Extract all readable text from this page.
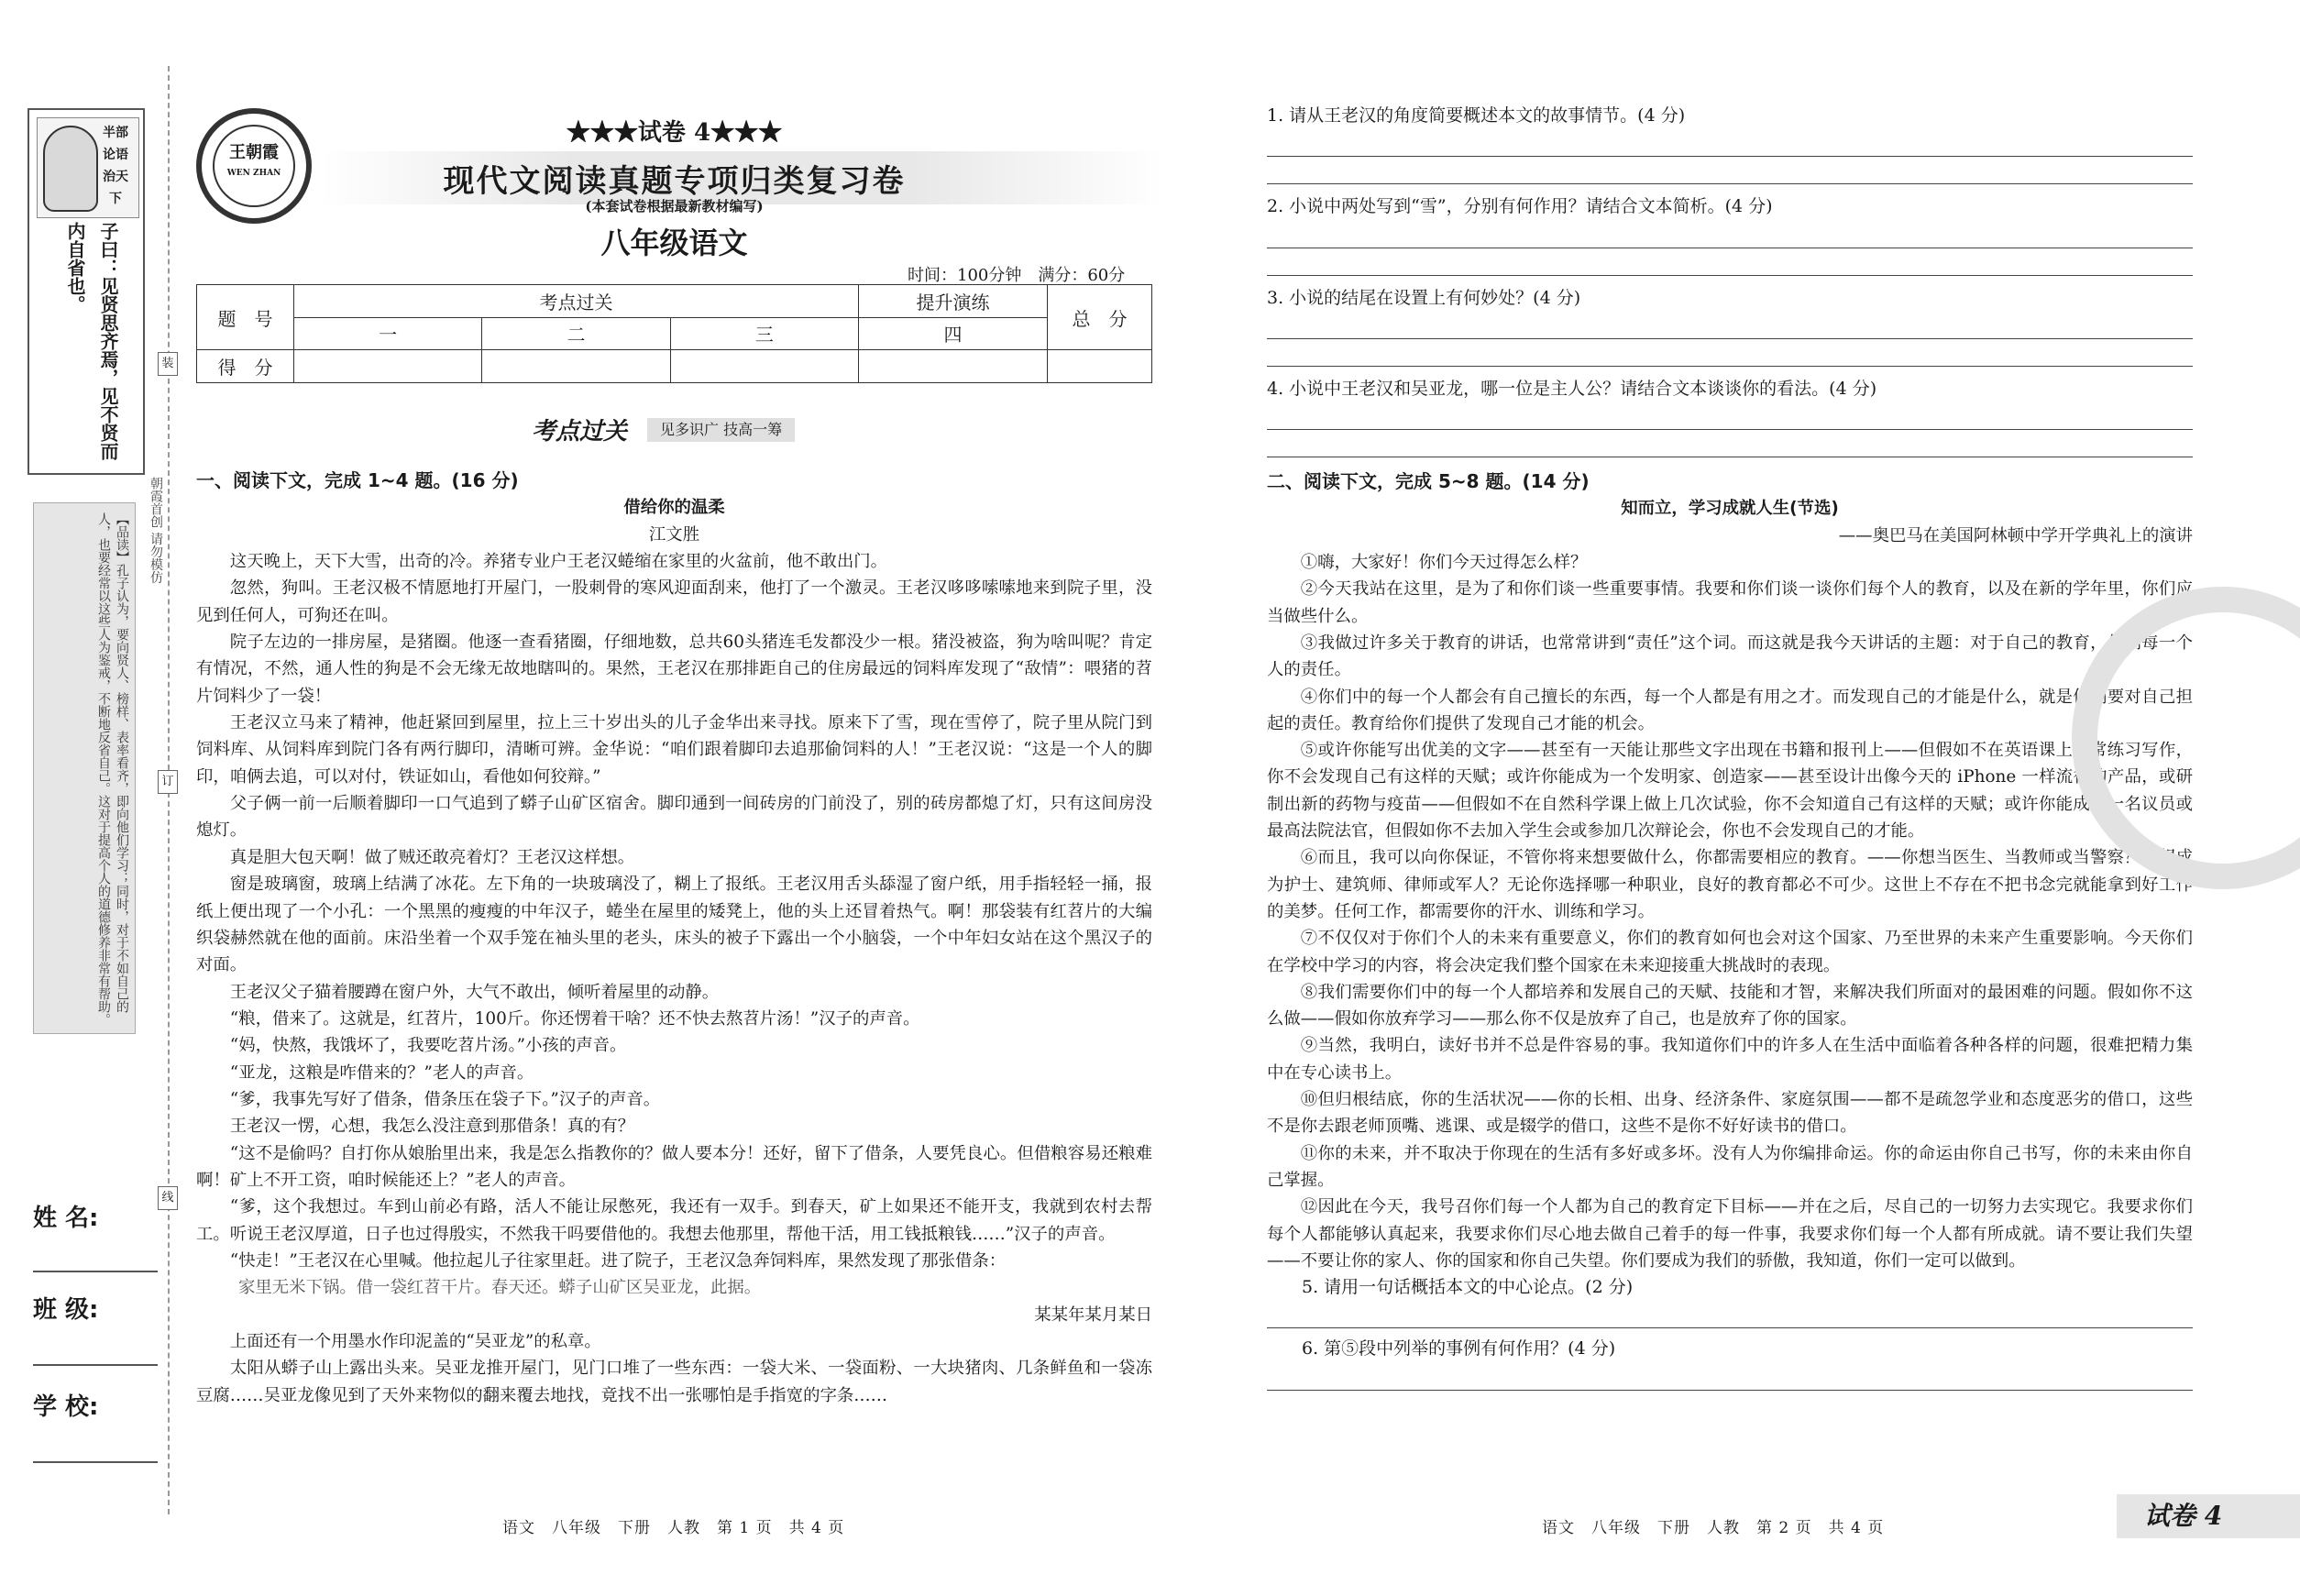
半部论语治天下
子曰：见贤思齐焉，见不贤而内自省也。
【品读】孔子认为，要向贤人、榜样、表率看齐，即向他们学习；同时，对于不如自己的人，也要经常以这些人为鉴戒，不断地反省自己。这对于提高个人的道德修养非常有帮助。
姓 名:
班 级:
学 校:
装
订
线
朝霞首创 请勿模仿
王朝霞
WEN ZHAN
★★★试卷 4★★★
现代文阅读真题专项归类复习卷
(本套试卷根据最新教材编写)
八年级语文
时间：100分钟　满分：60分
题　号	考点过关			提升演练	总　分
	一	二	三	四	
得　分					
考点过关	见多识广 技高一筹
一、阅读下文，完成 1~4 题。(16 分)
借给你的温柔
江文胜
这天晚上，天下大雪，出奇的冷。养猪专业户王老汉蜷缩在家里的火盆前，他不敢出门。
忽然，狗叫。王老汉极不情愿地打开屋门，一股刺骨的寒风迎面刮来，他打了一个激灵。王老汉哆哆嗦嗦地来到院子里，没见到任何人，可狗还在叫。
院子左边的一排房屋，是猪圈。他逐一查看猪圈，仔细地数，总共60头猪连毛发都没少一根。猪没被盗，狗为啥叫呢？肯定有情况，不然，通人性的狗是不会无缘无故地瞎叫的。果然，王老汉在那排距自己的住房最远的饲料库发现了“敌情”：喂猪的苕片饲料少了一袋！
王老汉立马来了精神，他赶紧回到屋里，拉上三十岁出头的儿子金华出来寻找。原来下了雪，现在雪停了，院子里从院门到饲料库、从饲料库到院门各有两行脚印，清晰可辨。金华说：“咱们跟着脚印去追那偷饲料的人！”王老汉说：“这是一个人的脚印，咱俩去追，可以对付，铁证如山，看他如何狡辩。”
父子俩一前一后顺着脚印一口气追到了蟒子山矿区宿舍。脚印通到一间砖房的门前没了，别的砖房都熄了灯，只有这间房没熄灯。
真是胆大包天啊！做了贼还敢亮着灯？王老汉这样想。
窗是玻璃窗，玻璃上结满了冰花。左下角的一块玻璃没了，糊上了报纸。王老汉用舌头舔湿了窗户纸，用手指轻轻一捅，报纸上便出现了一个小孔：一个黑黑的瘦瘦的中年汉子，蜷坐在屋里的矮凳上，他的头上还冒着热气。啊！那袋装有红苕片的大编织袋赫然就在他的面前。床沿坐着一个双手笼在袖头里的老头，床头的被子下露出一个小脑袋，一个中年妇女站在这个黑汉子的对面。
王老汉父子猫着腰蹲在窗户外，大气不敢出，倾听着屋里的动静。
“粮，借来了。这就是，红苕片，100斤。你还愣着干啥？还不快去熬苕片汤！”汉子的声音。
“妈，快熬，我饿坏了，我要吃苕片汤。”小孩的声音。
“亚龙，这粮是咋借来的？”老人的声音。
“爹，我事先写好了借条，借条压在袋子下。”汉子的声音。
王老汉一愣，心想，我怎么没注意到那借条！真的有？
“这不是偷吗？自打你从娘胎里出来，我是怎么指教你的？做人要本分！还好，留下了借条，人要凭良心。但借粮容易还粮难啊！矿上不开工资，咱时候能还上？”老人的声音。
“爹，这个我想过。车到山前必有路，活人不能让尿憋死，我还有一双手。到春天，矿上如果还不能开支，我就到农村去帮工。听说王老汉厚道，日子也过得殷实，不然我干吗要借他的。我想去他那里，帮他干活，用工钱抵粮钱……”汉子的声音。
“快走！”王老汉在心里喊。他拉起儿子往家里赶。进了院子，王老汉急奔饲料库，果然发现了那张借条：
家里无米下锅。借一袋红苕干片。春天还。蟒子山矿区吴亚龙，此据。
某某年某月某日
上面还有一个用墨水作印泥盖的“吴亚龙”的私章。
太阳从蟒子山上露出头来。吴亚龙推开屋门，见门口堆了一些东西：一袋大米、一袋面粉、一大块猪肉、几条鲜鱼和一袋冻豆腐……吴亚龙像见到了天外来物似的翻来覆去地找，竟找不出一张哪怕是手指宽的字条……
1. 请从王老汉的角度简要概述本文的故事情节。(4 分)
2. 小说中两处写到“雪”，分别有何作用？请结合文本简析。(4 分)
3. 小说的结尾在设置上有何妙处？(4 分)
4. 小说中王老汉和吴亚龙，哪一位是主人公？请结合文本谈谈你的看法。(4 分)
二、阅读下文，完成 5~8 题。(14 分)
知而立，学习成就人生(节选)
——奥巴马在美国阿林顿中学开学典礼上的演讲
①嗨，大家好！你们今天过得怎么样？
②今天我站在这里，是为了和你们谈一些重要事情。我要和你们谈一谈你们每个人的教育，以及在新的学年里，你们应当做些什么。
③我做过许多关于教育的讲话，也常常讲到“责任”这个词。而这就是我今天讲话的主题：对于自己的教育，你们每一个人的责任。
④你们中的每一个人都会有自己擅长的东西，每一个人都是有用之才。而发现自己的才能是什么，就是你们要对自己担起的责任。教育给你们提供了发现自己才能的机会。
⑤或许你能写出优美的文字——甚至有一天能让那些文字出现在书籍和报刊上——但假如不在英语课上经常练习写作，你不会发现自己有这样的天赋；或许你能成为一个发明家、创造家——甚至设计出像今天的 iPhone 一样流行的产品，或研制出新的药物与疫苗——但假如不在自然科学课上做上几次试验，你不会知道自己有这样的天赋；或许你能成为一名议员或最高法院法官，但假如你不去加入学生会或参加几次辩论会，你也不会发现自己的才能。
⑥而且，我可以向你保证，不管你将来想要做什么，你都需要相应的教育。——你想当医生、当教师或当警察？你想成为护士、建筑师、律师或军人？无论你选择哪一种职业，良好的教育都必不可少。这世上不存在不把书念完就能拿到好工作的美梦。任何工作，都需要你的汗水、训练和学习。
⑦不仅仅对于你们个人的未来有重要意义，你们的教育如何也会对这个国家、乃至世界的未来产生重要影响。今天你们在学校中学习的内容，将会决定我们整个国家在未来迎接重大挑战时的表现。
⑧我们需要你们中的每一个人都培养和发展自己的天赋、技能和才智，来解决我们所面对的最困难的问题。假如你不这么做——假如你放弃学习——那么你不仅是放弃了自己，也是放弃了你的国家。
⑨当然，我明白，读好书并不总是件容易的事。我知道你们中的许多人在生活中面临着各种各样的问题，很难把精力集中在专心读书上。
⑩但归根结底，你的生活状况——你的长相、出身、经济条件、家庭氛围——都不是疏忽学业和态度恶劣的借口，这些不是你去跟老师顶嘴、逃课、或是辍学的借口，这些不是你不好好读书的借口。
⑪你的未来，并不取决于你现在的生活有多好或多坏。没有人为你编排命运。你的命运由你自己书写，你的未来由你自己掌握。
⑫因此在今天，我号召你们每一个人都为自己的教育定下目标——并在之后，尽自己的一切努力去实现它。我要求你们每个人都能够认真起来，我要求你们尽心地去做自己着手的每一件事，我要求你们每一个人都有所成就。请不要让我们失望——不要让你的家人、你的国家和你自己失望。你们要成为我们的骄傲，我知道，你们一定可以做到。
5. 请用一句话概括本文的中心论点。(2 分)
6. 第⑤段中列举的事例有何作用？(4 分)
语文　八年级　下册　人教　第 1 页　共 4 页	语文　八年级　下册　人教　第 2 页　共 4 页	试卷 4
